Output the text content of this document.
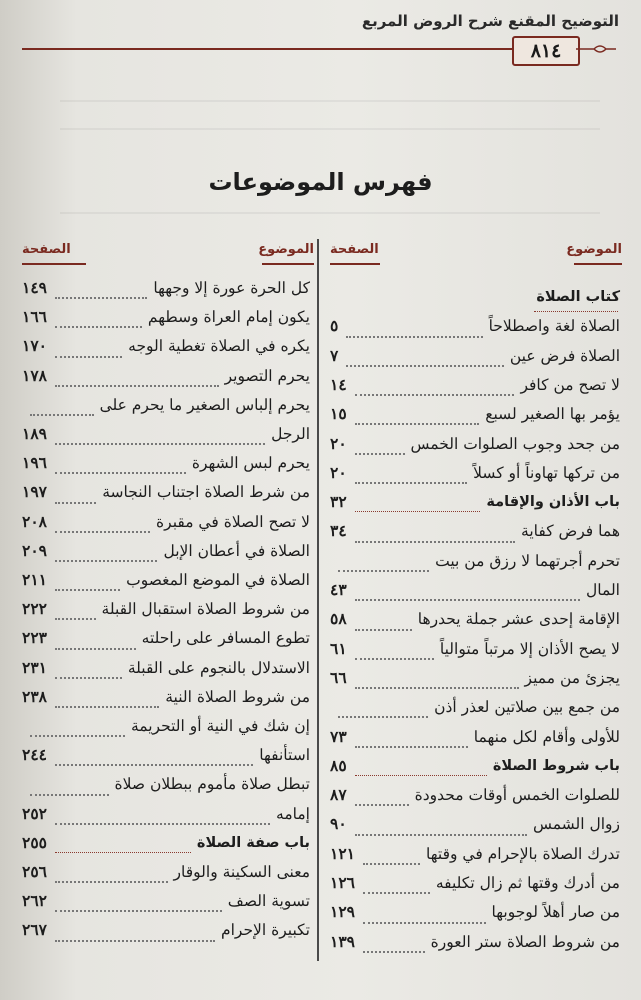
التوضيح المقنع شرح الروض المربع
٨١٤
فهرس الموضوعات
الموضوع
الصفحة
الموضوع
الصفحة
كتاب الصلاة
الصلاة لغة واصطلاحاً
٥
الصلاة فرض عين
٧
لا تصح من كافر
١٤
يؤمر بها الصغير لسبع
١٥
من جحد وجوب الصلوات الخمس
٢٠
من تركها تهاوناً أو كسلاً
٢٠
باب الأذان والإقامة
٣٢
هما فرض كفاية
٣٤
تحرم أجرتهما لا رزق من بيت
المال
٤٣
الإقامة إحدى عشر جملة يحدرها
٥٨
لا يصح الأذان إلا مرتباً متوالياً
٦١
يجزئ من مميز
٦٦
من جمع بين صلاتين لعذر أذن
للأولى وأقام لكل منهما
٧٣
باب شروط الصلاة
٨٥
للصلوات الخمس أوقات محدودة
٨٧
زوال الشمس
٩٠
تدرك الصلاة بالإحرام في وقتها
١٢١
من أدرك وقتها ثم زال تكليفه
١٢٦
من صار أهلاً لوجوبها
١٢٩
من شروط الصلاة ستر العورة
١٣٩
كل الحرة عورة إلا وجهها
١٤٩
يكون إمام العراة وسطهم
١٦٦
يكره في الصلاة تغطية الوجه
١٧٠
يحرم التصوير
١٧٨
يحرم إلباس الصغير ما يحرم على
الرجل
١٨٩
يحرم لبس الشهرة
١٩٦
من شرط الصلاة اجتناب النجاسة
١٩٧
لا تصح الصلاة في مقبرة
٢٠٨
الصلاة في أعطان الإبل
٢٠٩
الصلاة في الموضع المغصوب
٢١١
من شروط الصلاة استقبال القبلة
٢٢٢
تطوع المسافر على راحلته
٢٢٣
الاستدلال بالنجوم على القبلة
٢٣١
من شروط الصلاة النية
٢٣٨
إن شك في النية أو التحريمة
استأنفها
٢٤٤
تبطل صلاة مأموم ببطلان صلاة
إمامه
٢٥٢
باب صفة الصلاة
٢٥٥
معنى السكينة والوقار
٢٥٦
تسوية الصف
٢٦٢
تكبيرة الإحرام
٢٦٧
